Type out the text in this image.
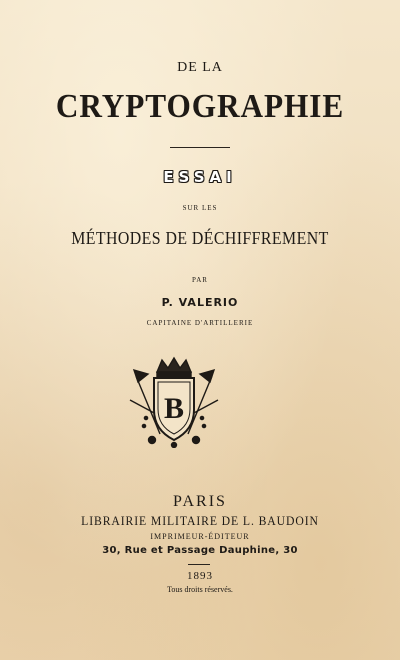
DE LA
CRYPTOGRAPHIE
ESSAI
SUR LES
MÉTHODES DE DÉCHIFFREMENT
PAR
P. VALERIO
CAPITAINE D'ARTILLERIE
B
PARIS
LIBRAIRIE MILITAIRE DE L. BAUDOIN
IMPRIMEUR-ÉDITEUR
30, Rue et Passage Dauphine, 30
1893
Tous droits réservés.
